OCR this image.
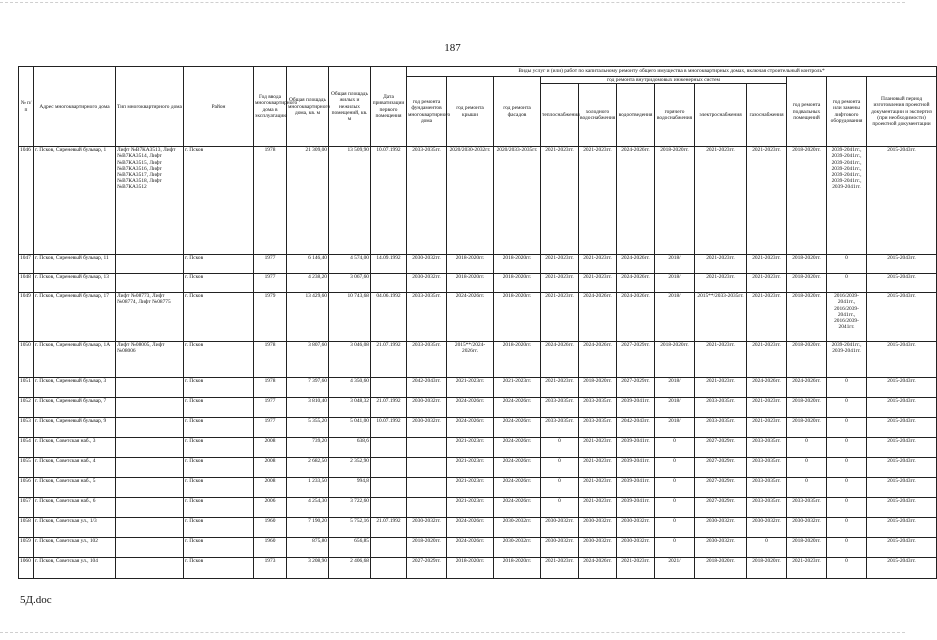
187
№ п/п	Адрес многоквартирного дома	Тип многоквартирного дома	Район	Год ввода многоквартирного дома в эксплуатацию	Общая площадь многоквартирного дома, кв. м	Общая площадь жилых и нежилых помещений, кв. м	Дата приватизации первого помещения	Виды услуг и (или) работ по капитальному ремонту общего имущества в многоквартирных домах, включая строительный контроль*											
								год ремонта фундаментов многоквартирного дома	год ремонта крыши	год ремонта фасадов	год ремонта внутридомовых инженерных систем						год ремонта подвальных помещений	год ремонта или замены лифтового оборудования	Плановый период изготовления проектной документации и экспертиз (при необходимости) проектной документации
											теплоснабжения	холодного водоснабжения	водоотведения	горячего водоснабжения	электроснабжения	газоснабжения			
1046	г. Псков, Сиреневый бульвар, 1	Лифт №В7КА3513, Лифт №В7КА3514, Лифт №В7КА3515, Лифт №В7КА3516, Лифт №В7КА3517, Лифт №В7КА3518, Лифт №В7КА3512	г. Псков	1978	21 309,00	13 509,90	10.07.1992	2033-2035гг.	2020/2030-2032гг.	2020/2033-2035гг.	2021-2023гг.	2021-2023гг.	2024-2026гг.	2018-2020гг.	2021-2023гг.	2021-2023гг.	2018-2020гг.	2039-2041гг., 2039-2041гг., 2039-2041гг., 2039-2041гг., 2039-2041гг., 2039-2041гг., 2039-2041гг.	2015-2043гг.
1047	г. Псков, Сиреневый бульвар, 11		г. Псков	1977	6 146,40	4 574,00	14.09.1992	2030-2032гг.	2018-2020гг.	2018-2020гг.	2021-2023гг.	2021-2023гг.	2024-2026гг.	2018/	2021-2023гг.	2021-2023гг.	2018-2020гг.	0	2015-2043гг.
1048	г. Псков, Сиреневый бульвар, 13		г. Псков	1977	4 238,20	3 067,60		2030-2032гг.	2018-2020гг.	2018-2020гг.	2021-2023гг.	2021-2023гг.	2024-2026гг.	2018/	2021-2023гг.	2021-2023гг.	2018-2020гг.	0	2015-2043гг.
1049	г. Псков, Сиреневый бульвар, 17	Лифт №08773, Лифт №08774, Лифт №08775	г. Псков	1979	13 429,60	10 743,68	04.06.1992	2033-2035гг.	2024-2026гг.	2018-2020гг.	2021-2023гг.	2024-2026гг.	2024-2026гг.	2018/	2015**/2033-2035гг.	2021-2023гг.	2018-2020гг.	2016/2039-2041гг., 2016/2039-2041гг., 2016/2039-2041гг.	2015-2043гг.
1050	г. Псков, Сиреневый бульвар, 1А	Лифт №08005, Лифт №08006	г. Псков	1978	3 807,60	3 046,08	21.07.1992	2033-2035гг.	2015**/2024-2026гг.	2018-2020гг.	2024-2026гг.	2024-2026гг.	2027-2029гг.	2018-2020гг.	2021-2023гг.	2021-2023гг.	2018-2020гг.	2039-2041гг., 2039-2041гг.	2015-2043гг.
1051	г. Псков, Сиреневый бульвар, 3		г. Псков	1978	7 397,60	4 350,60		2042-2043гг.	2021-2023гг.	2021-2023гг.	2021-2023гг.	2018-2020гг.	2027-2029гг.	2018/	2021-2023гг.	2024-2026гг.	2024-2026гг.	0	2015-2043гг.
1052	г. Псков, Сиреневый бульвар, 7		г. Псков	1977	3 810,40	3 048,32	21.07.1992	2030-2032гг.	2024-2026гг.	2024-2026гг.	2033-2035гг.	2033-2035гг.	2039-2041гг.	2018/	2033-2035гг.	2021-2023гг.	2018-2020гг.	0	2015-2043гг.
1053	г. Псков, Сиреневый бульвар, 9		г. Псков	1977	5 355,20	5 041,00	10.07.1992	2030-2032гг.	2024-2026гг.	2024-2026гг.	2033-2035гг.	2033-2035гг.	2042-2043гг.	2018/	2033-2035гг.	2021-2023гг.	2018-2020гг.	0	2015-2043гг.
1054	г. Псков, Советская наб., 3		г. Псков	2008	739,20	638,6			2021-2023гг.	2024-2026гг.	0	2021-2023гг.	2039-2041гг.	0	2027-2029гг.	2033-2035гг.	0	0	2015-2043гг.
1055	г. Псков, Советская наб., 4		г. Псков	2008	2 682,50	2 352,90			2021-2023гг.	2024-2026гг.	0	2021-2023гг.	2039-2041гг.	0	2027-2029гг.	2033-2035гг.	0	0	2015-2043гг.
1056	г. Псков, Советская наб., 5		г. Псков	2008	1 233,50	994,8			2021-2023гг.	2024-2026гг.	0	2021-2023гг.	2039-2041гг.	0	2027-2029гг.	2033-2035гг.	0	0	2015-2043гг.
1057	г. Псков, Советская наб., 6		г. Псков	2006	4 254,30	3 722,60			2021-2023гг.	2024-2026гг.	0	2021-2023гг.	2039-2041гг.	0	2027-2029гг.	2033-2035гг.	2033-2035гг.	0	2015-2043гг.
1058	г. Псков, Советская ул., 1/3		г. Псков	1960	7 190,20	5 752,16	21.07.1992	2030-2032гг.	2024-2026гг.	2030-2032гг.	2030-2032гг.	2030-2032гг.	2030-2032гг.	0	2030-2032гг.	2030-2032гг.	2030-2032гг.	0	2015-2043гг.
1059	г. Псков, Советская ул., 102		г. Псков	1960	875,80	656,85		2018-2020гг.	2024-2026гг.	2030-2032гг.	2030-2032гг.	2030-2032гг.	2030-2032гг.	0	2030-2032гг.	0	2018-2020гг.	0	2015-2043гг.
1060	г. Псков, Советская ул., 104		г. Псков	1973	3 208,90	2 406,68		2027-2029гг.	2018-2020гг.	2018-2020гг.	2021-2023гг.	2024-2026гг.	2021-2023гг.	2021/	2018-2020гг.	2018-2020гг.	2021-2023гг.	0	2015-2043гг.
5Д.doc
